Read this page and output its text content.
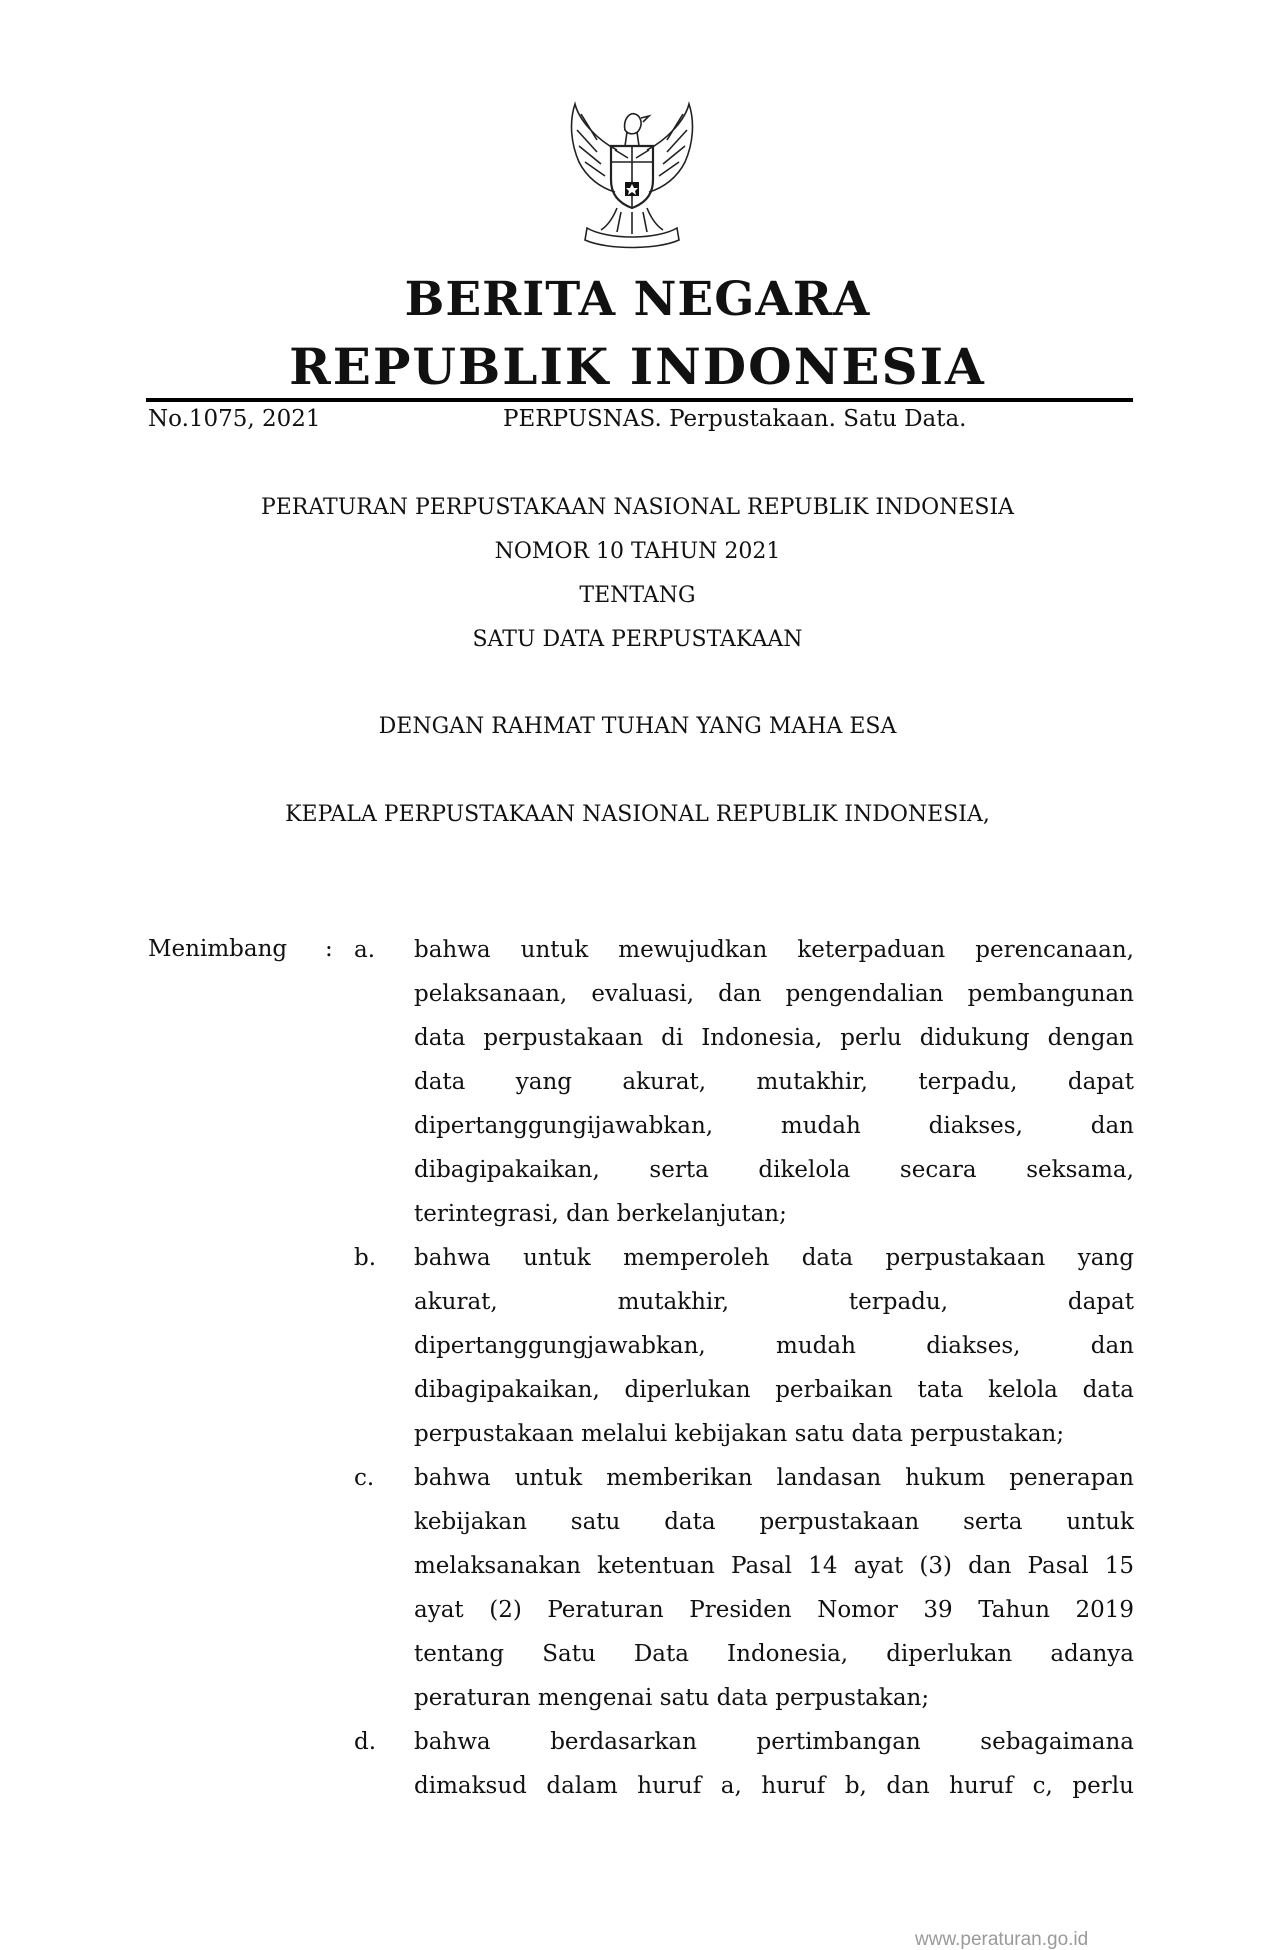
BERITA NEGARA
REPUBLIK INDONESIA
No.1075, 2021	PERPUSNAS. Perpustakaan. Satu Data.
PERATURAN PERPUSTAKAAN NASIONAL REPUBLIK INDONESIA
NOMOR 10 TAHUN 2021
TENTANG
SATU DATA PERPUSTAKAAN
DENGAN RAHMAT TUHAN YANG MAHA ESA
KEPALA PERPUSTAKAAN NASIONAL REPUBLIK INDONESIA,
Menimbang : a. bahwa untuk mewujudkan keterpaduan perencanaan,
pelaksanaan, evaluasi, dan pengendalian pembangunan
data perpustakaan di Indonesia, perlu didukung dengan
data yang akurat, mutakhir, terpadu, dapat
dipertanggungijawabkan,	mudah	diakses,	dan
dibagipakaikan, serta dikelola secara seksama,
terintegrasi, dan berkelanjutan;
b. bahwa untuk memperoleh data perpustakaan yang
akurat,	mutakhir,	terpadu,	dapat
dipertanggungjawabkan,	mudah	diakses,	dan
dibagipakaikan, diperlukan perbaikan tata kelola data
perpustakaan melalui kebijakan satu data perpustakan;
c. bahwa untuk memberikan landasan hukum penerapan
kebijakan satu data perpustakaan serta untuk
melaksanakan ketentuan Pasal 14 ayat (3) dan Pasal 15
ayat (2) Peraturan Presiden Nomor 39 Tahun 2019
tentang Satu Data Indonesia, diperlukan adanya
peraturan mengenai satu data perpustakan;
d. bahwa	berdasarkan	pertimbangan	sebagaimana
dimaksud dalam huruf a, huruf b, dan huruf c, perlu
www.peraturan.go.id
